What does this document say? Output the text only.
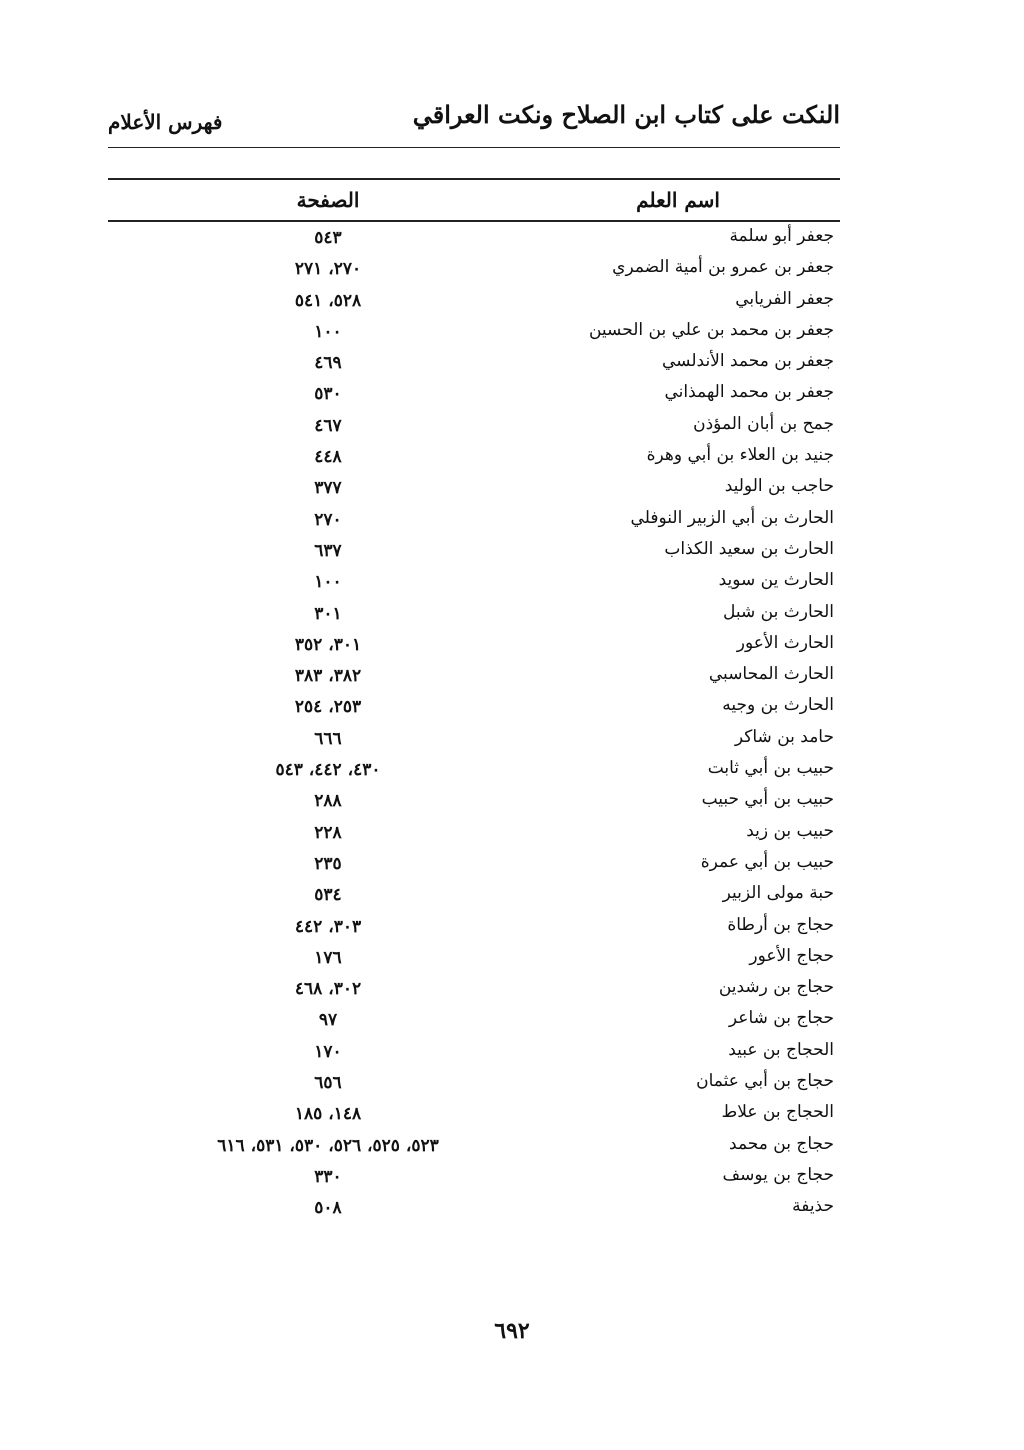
النكت على كتاب ابن الصلاح ونكت العراقي
فهرس الأعلام
اسم العلم
الصفحة
جعفر أبو سلمة
٥٤٣
جعفر بن عمرو بن أمية الضمري
٢٧٠، ٢٧١
جعفر الفريابي
٥٢٨، ٥٤١
جعفر بن محمد بن علي بن الحسين
١٠٠
جعفر بن محمد الأندلسي
٤٦٩
جعفر بن محمد الهمذاني
٥٣٠
جمح بن أبان المؤذن
٤٦٧
جنيد بن العلاء بن أبي وهرة
٤٤٨
حاجب بن الوليد
٣٧٧
الحارث بن أبي الزبير النوفلي
٢٧٠
الحارث بن سعيد الكذاب
٦٣٧
الحارث ين سويد
١٠٠
الحارث بن شبل
٣٠١
الحارث الأعور
٣٠١، ٣٥٢
الحارث المحاسبي
٣٨٢، ٣٨٣
الحارث بن وجيه
٢٥٣، ٢٥٤
حامد بن شاكر
٦٦٦
حبيب بن أبي ثابت
٤٣٠، ٤٤٢، ٥٤٣
حبيب بن أبي حبيب
٢٨٨
حبيب بن زيد
٢٢٨
حبيب بن أبي عمرة
٢٣٥
حبة مولى الزبير
٥٣٤
حجاج بن أرطاة
٣٠٣، ٤٤٢
حجاج الأعور
١٧٦
حجاج بن رشدين
٣٠٢، ٤٦٨
حجاج بن شاعر
٩٧
الحجاج بن عبيد
١٧٠
حجاج بن أبي عثمان
٦٥٦
الحجاج بن علاط
١٤٨، ١٨٥
حجاج بن محمد
٥٢٣، ٥٢٥، ٥٢٦، ٥٣٠، ٥٣١، ٦١٦
حجاج بن يوسف
٣٣٠
حذيفة
٥٠٨
٦٩٢
